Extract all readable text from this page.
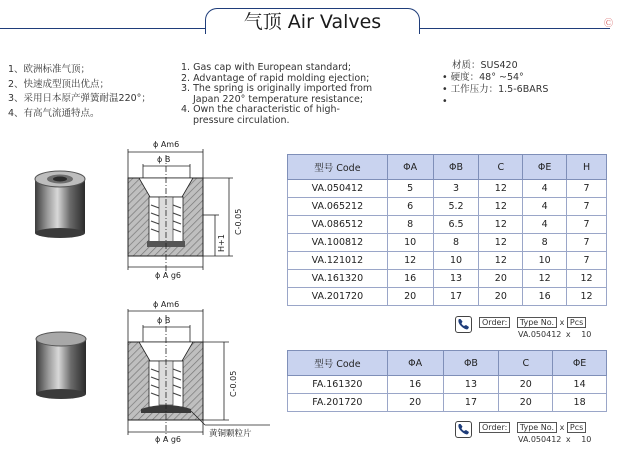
气顶 Air Valves	Ⓒ
1、欧洲标准气顶；
2、快速成型顶出优点；
3、采用日本原产弹簧耐温220°；
4、有高气流通特点。
1. Gas cap with European standard;
2. Advantage of rapid molding ejection;
3. The spring is originally imported from
Japan 220° temperature resistance;
4. Own the characteristic of high-
pressure circulation.
材质：SUS420
• 硬度：48° ~54°
• 工作压力：1.5-6BARS
•
ϕ Am6
ϕ B
ϕ A g6
H+1
C-0.05
ϕ Am6
ϕ B
ϕ A g6
C-0.05
黄铜颗粒片
型号 Code	ΦA	ΦB	C	ΦE	H
VA.050412	5	3	12	4	7
VA.065212	6	5.2	12	4	7
VA.086512	8	6.5	12	4	7
VA.100812	10	8	12	8	7
VA.121012	12	10	12	10	7
VA.161320	16	13	20	12	12
VA.201720	20	17	20	16	12
Order: Type No. x Pcs
VA.050412 x 10
型号 Code	ΦA	ΦB	C	ΦE
FA.161320	16	13	20	14
FA.201720	20	17	20	18
Order: Type No. x Pcs
VA.050412 x 10
